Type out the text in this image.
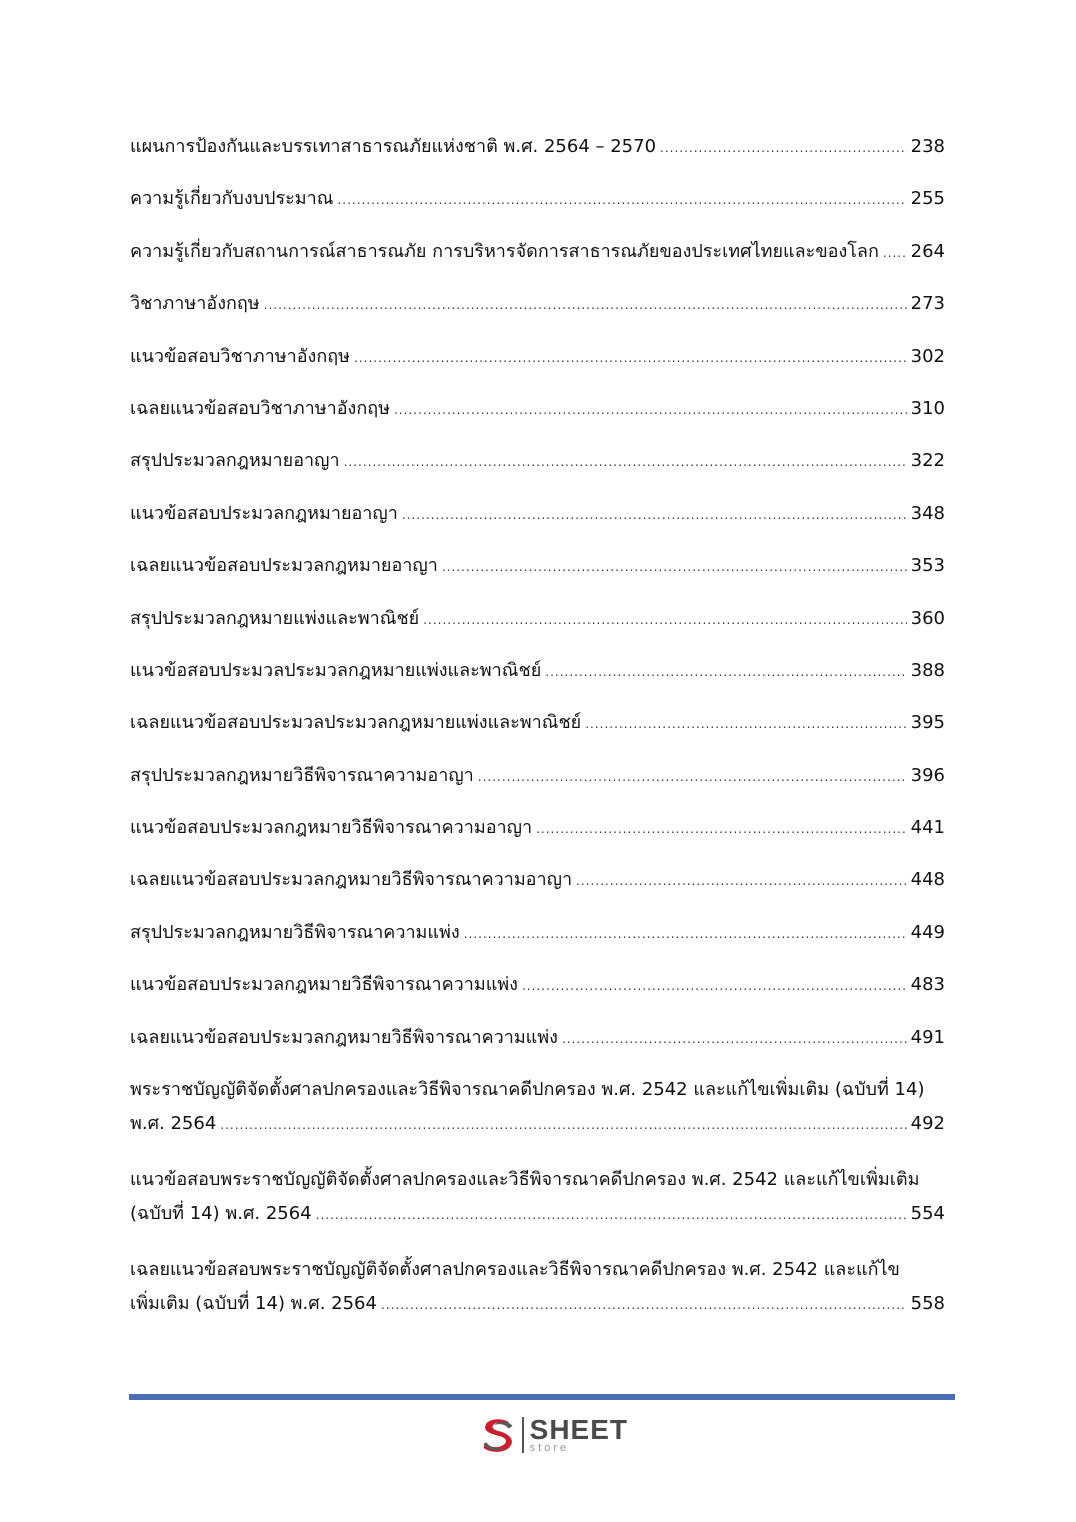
แผนการป้องกันและบรรเทาสาธารณภัยแห่งชาติ พ.ศ. 2564 – 2570 .....	238
ความรู้เกี่ยวกับงบประมาณ .....	255
ความรู้เกี่ยวกับสถานการณ์สาธารณภัย การบริหารจัดการสาธารณภัยของประเทศไทยและของโลก ..... 264
วิชาภาษาอังกฤษ .....	273
แนวข้อสอบวิชาภาษาอังกฤษ .....	302
เฉลยแนวข้อสอบวิชาภาษาอังกฤษ .....	310
สรุปประมวลกฎหมายอาญา .....	322
แนวข้อสอบประมวลกฎหมายอาญา .....	348
เฉลยแนวข้อสอบประมวลกฎหมายอาญา .....	353
สรุปประมวลกฎหมายแพ่งและพาณิชย์ .....	360
แนวข้อสอบประมวลประมวลกฎหมายแพ่งและพาณิชย์ .....	388
เฉลยแนวข้อสอบประมวลประมวลกฎหมายแพ่งและพาณิชย์ .....	395
สรุปประมวลกฎหมายวิธีพิจารณาความอาญา .....	396
แนวข้อสอบประมวลกฎหมายวิธีพิจารณาความอาญา .....	441
เฉลยแนวข้อสอบประมวลกฎหมายวิธีพิจารณาความอาญา .....	448
สรุปประมวลกฎหมายวิธีพิจารณาความแพ่ง .....	449
แนวข้อสอบประมวลกฎหมายวิธีพิจารณาความแพ่ง .....	483
เฉลยแนวข้อสอบประมวลกฎหมายวิธีพิจารณาความแพ่ง .....	491
พระราชบัญญัติจัดตั้งศาลปกครองและวิธีพิจารณาคดีปกครอง พ.ศ. 2542 และแก้ไขเพิ่มเติม (ฉบับที่ 14)
พ.ศ. 2564 .....	492
แนวข้อสอบพระราชบัญญัติจัดตั้งศาลปกครองและวิธีพิจารณาคดีปกครอง พ.ศ. 2542 และแก้ไขเพิ่มเติม
(ฉบับที่ 14) พ.ศ. 2564 .....	554
เฉลยแนวข้อสอบพระราชบัญญัติจัดตั้งศาลปกครองและวิธีพิจารณาคดีปกครอง พ.ศ. 2542 และแก้ไข
เพิ่มเติม (ฉบับที่ 14) พ.ศ. 2564 .....	558
SHEET
store
